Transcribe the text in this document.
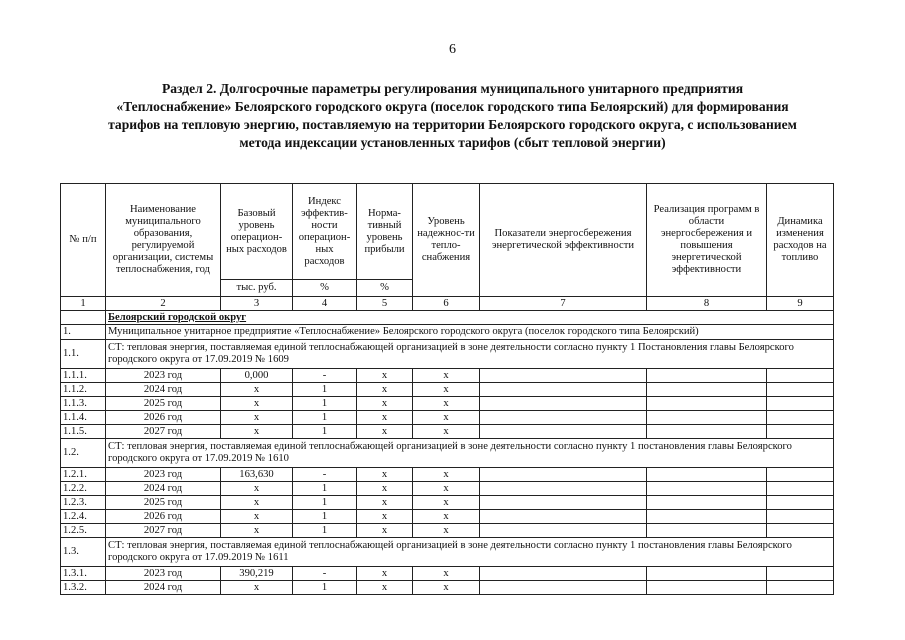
6
Раздел 2. Долгосрочные параметры регулирования муниципального унитарного предприятия
«Теплоснабжение» Белоярского городского округа (поселок городского типа Белоярский) для формирования
тарифов на тепловую энергию, поставляемую на территории Белоярского городского округа, с использованием
метода индексации установленных тарифов (сбыт тепловой энергии)
№ п/п	Наименование муниципального образования, регулируемой организации, системы теплоснабжения, год	Базовый уровень операцион-ных расходов	Индекс эффектив-ности операцион-ных расходов	Норма-тивный уровень прибыли	Уровень надежнос-ти тепло-снабжения	Показатели энергосбережения энергетической эффективности	Реализация программ в области энергосбережения и повышения энергетической эффективности	Динамика изменения расходов на топливо
		тыс. руб.	%	%				
1	2	3	4	5	6	7	8	9
	Белоярский городской округ							
1.	Муниципальное унитарное предприятие «Теплоснабжение» Белоярского городского округа (поселок городского типа Белоярский)							
1.1.	СТ: тепловая энергия, поставляемая единой теплоснабжающей организацией в зоне деятельности согласно пункту 1 Постановления главы Белоярского городского округа от 17.09.2019 № 1609							
1.1.1.	2023 год	0,000	-	х	х			
1.1.2.	2024 год	х	1	х	х			
1.1.3.	2025 год	х	1	х	х			
1.1.4.	2026 год	х	1	х	х			
1.1.5.	2027 год	х	1	х	х			
1.2.	СТ: тепловая энергия, поставляемая единой теплоснабжающей организацией в зоне деятельности согласно пункту 1 постановления главы Белоярского городского округа от 17.09.2019 № 1610							
1.2.1.	2023 год	163,630	-	х	х			
1.2.2.	2024 год	х	1	х	х			
1.2.3.	2025 год	х	1	х	х			
1.2.4.	2026 год	х	1	х	х			
1.2.5.	2027 год	х	1	х	х			
1.3.	СТ: тепловая энергия, поставляемая единой теплоснабжающей организацией в зоне деятельности согласно пункту 1 постановления главы Белоярского городского округа от 17.09.2019 № 1611							
1.3.1.	2023 год	390,219	-	х	х			
1.3.2.	2024 год	х	1	х	х			
